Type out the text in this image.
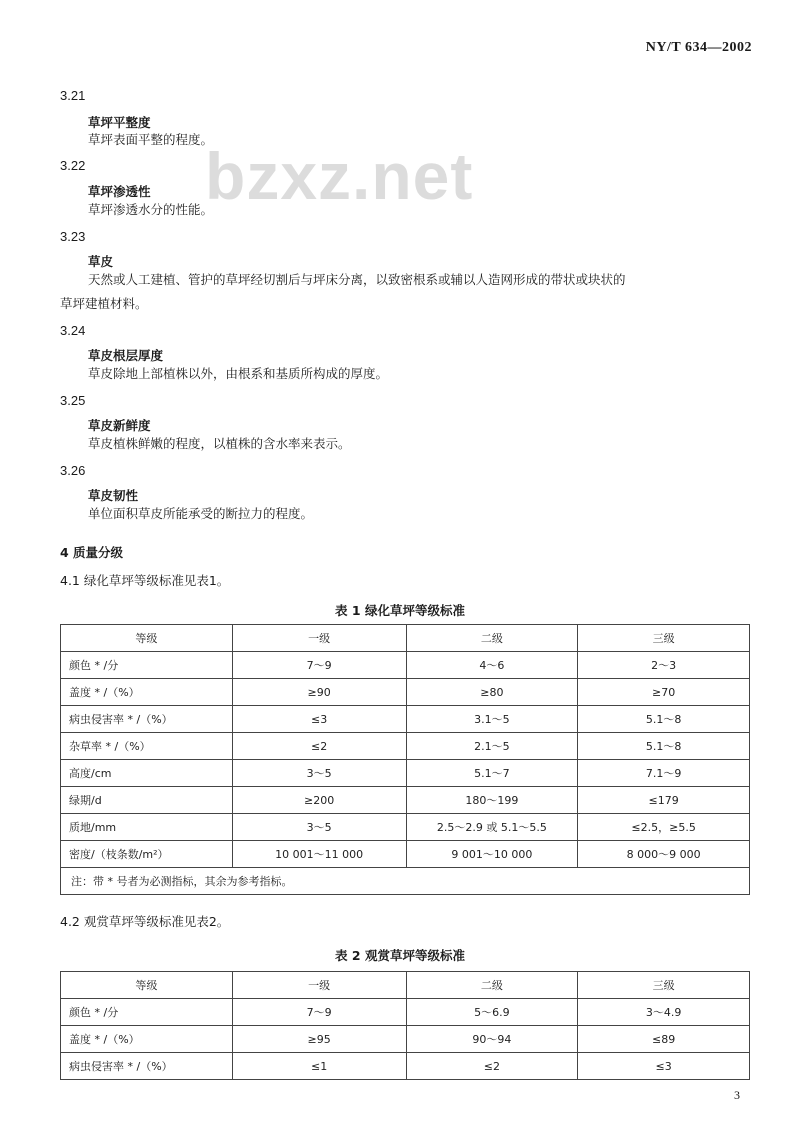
NY/T 634—2002
bzxz.net
3.21
草坪平整度
草坪表面平整的程度。
3.22
草坪渗透性
草坪渗透水分的性能。
3.23
草皮
天然或人工建植、管护的草坪经切割后与坪床分离，以致密根系或辅以人造网形成的带状或块状的
草坪建植材料。
3.24
草皮根层厚度
草皮除地上部植株以外，由根系和基质所构成的厚度。
3.25
草皮新鲜度
草皮植株鲜嫩的程度，以植株的含水率来表示。
3.26
草皮韧性
单位面积草皮所能承受的断拉力的程度。
4 质量分级
4.1 绿化草坪等级标准见表1。
表 1 绿化草坪等级标准
等级	一级	二级	三级
颜色 * /分	7～9	4～6	2～3
盖度 * /（%）	≥90	≥80	≥70
病虫侵害率 * /（%）	≤3	3.1～5	5.1～8
杂草率 * /（%）	≤2	2.1～5	5.1～8
高度/cm	3～5	5.1～7	7.1～9
绿期/d	≥200	180～199	≤179
质地/mm	3～5	2.5～2.9 或 5.1～5.5	≤2.5，≥5.5
密度/（枝条数/m²）	10 001～11 000	9 001～10 000	8 000～9 000
注：带 * 号者为必测指标，其余为参考指标。			
4.2 观赏草坪等级标准见表2。
表 2 观赏草坪等级标准
等级	一级	二级	三级
颜色 * /分	7～9	5～6.9	3～4.9
盖度 * /（%）	≥95	90～94	≤89
病虫侵害率 * /（%）	≤1	≤2	≤3
3
